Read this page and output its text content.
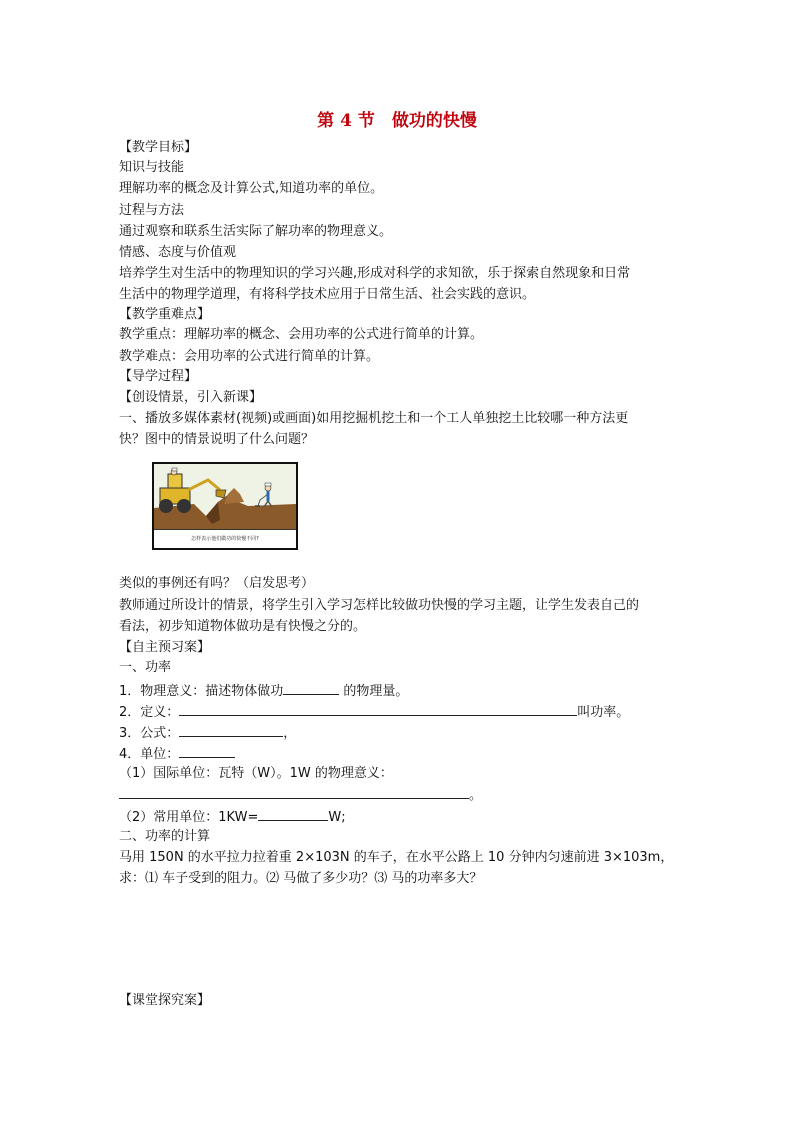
第 4 节　做功的快慢
【教学目标】
知识与技能
理解功率的概念及计算公式,知道功率的单位。
过程与方法
通过观察和联系生活实际了解功率的物理意义。
情感、态度与价值观
培养学生对生活中的物理知识的学习兴趣,形成对科学的求知欲，乐于探索自然现象和日常
生活中的物理学道理，有将科学技术应用于日常生活、社会实践的意识。
【教学重难点】
教学重点：理解功率的概念、会用功率的公式进行简单的计算。
教学难点：会用功率的公式进行简单的计算。
【导学过程】
【创设情景，引入新课】
一、播放多媒体素材(视频)或画面)如用挖掘机挖土和一个工人单独挖土比较哪一种方法更
快？图中的情景说明了什么问题？
怎样表示他们做功的快慢不同?
类似的事例还有吗？（启发思考）
教师通过所设计的情景，将学生引入学习怎样比较做功快慢的学习主题，让学生发表自己的
看法，初步知道物体做功是有快慢之分的。
【自主预习案】
一、功率
1．物理意义：描述物体做功	的物理量。
2．定义：	叫功率。
3．公式：	，
4．单位：
（1）国际单位：瓦特（W）。1W 的物理意义：
。
（2）常用单位：1KW=	W;
二、功率的计算
马用 150N 的水平拉力拉着重 2×103N 的车子，在水平公路上 10 分钟内匀速前进 3×103m，
求：⑴ 车子受到的阻力。⑵ 马做了多少功？⑶ 马的功率多大？
【课堂探究案】
